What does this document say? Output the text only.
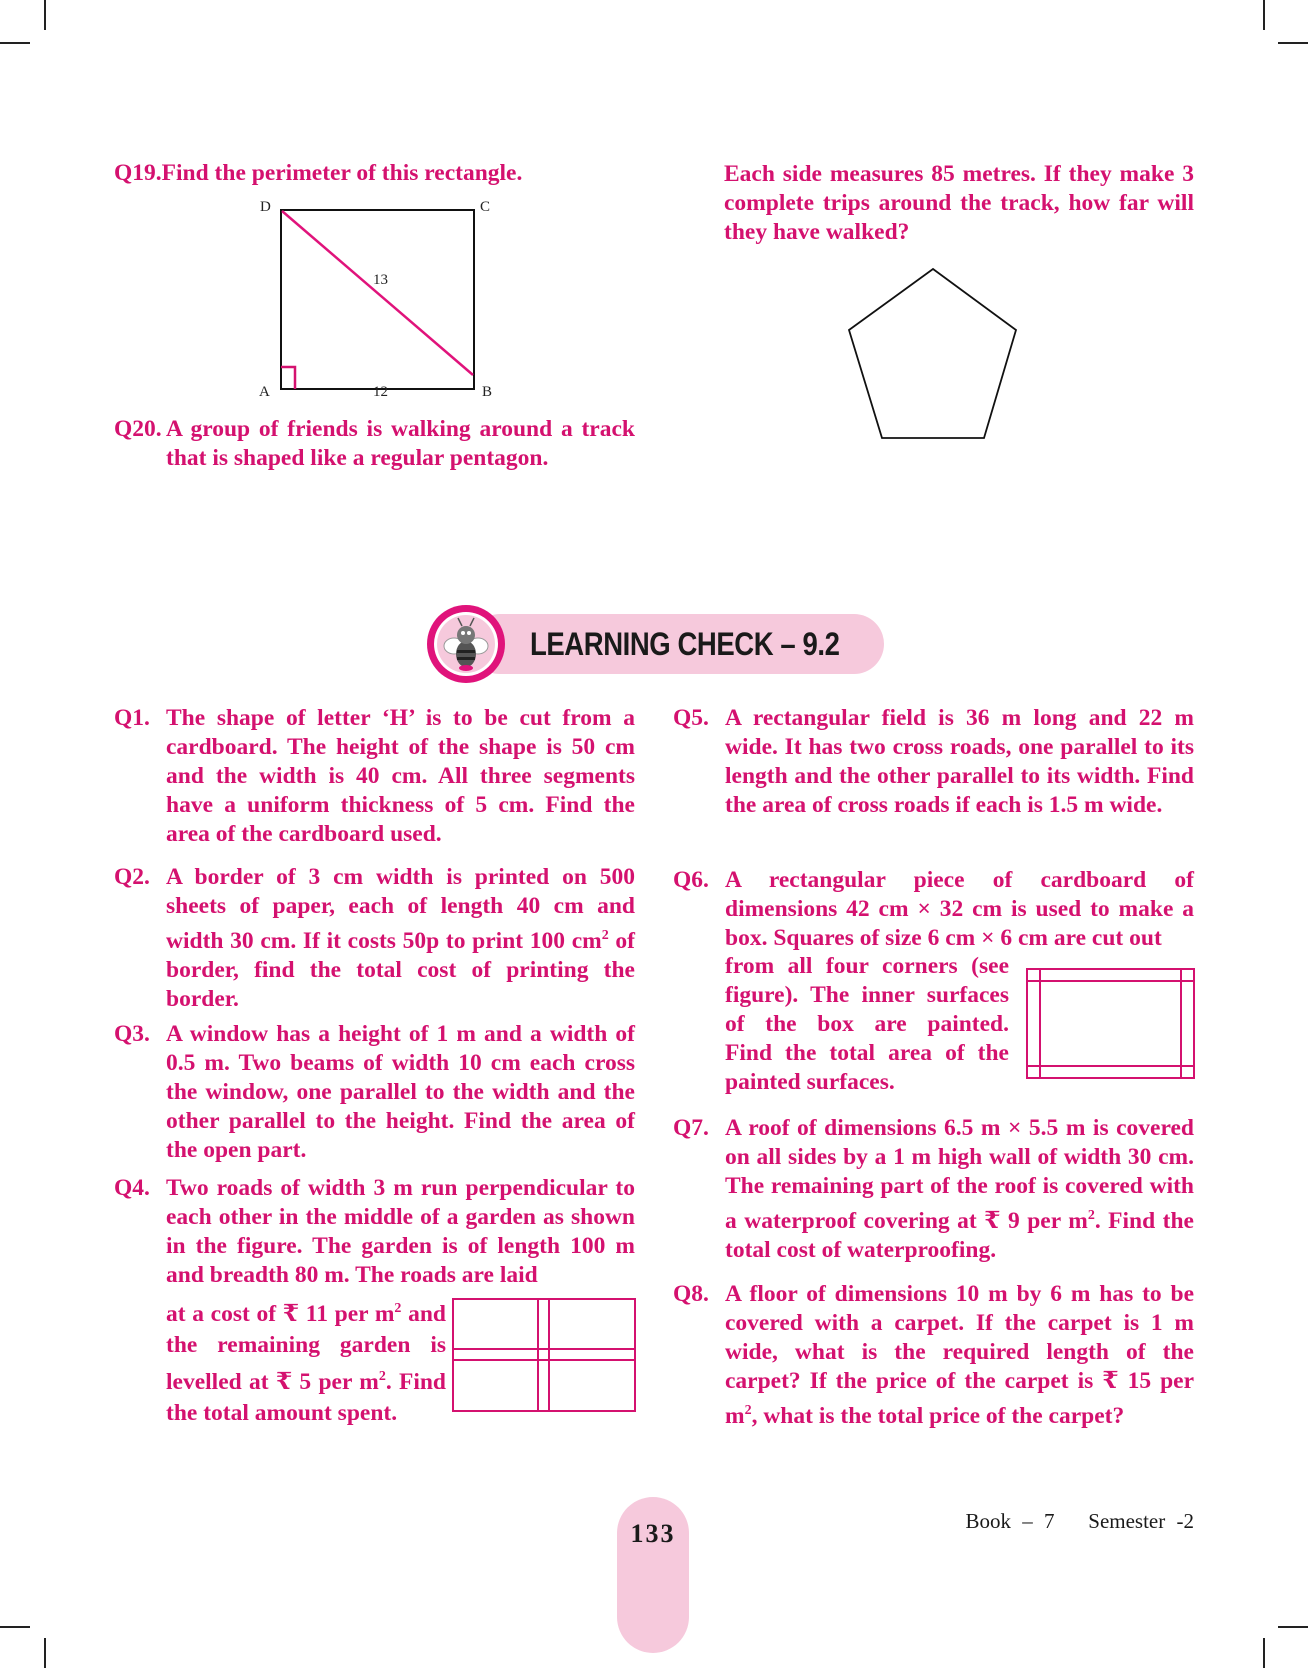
Q19.Find the perimeter of this rectangle.
D	C
A	B
13
12
Q20. A group of friends is walking around a track that is shaped like a regular pentagon.
Each side measures 85 metres. If they make 3 complete trips around the track, how far will they have walked?
LEARNING CHECK – 9.2
Q1. The shape of letter ‘H’ is to be cut from a cardboard. The height of the shape is 50 cm and the width is 40 cm. All three segments have a uniform thickness of 5 cm. Find the area of the cardboard used.
Q2. A border of 3 cm width is printed on 500 sheets of paper, each of length 40 cm and width 30 cm. If it costs 50p to print 100 $cm^2$ of border, find the total cost of printing the border.
Q3. A window has a height of 1 m and a width of 0.5 m. Two beams of width 10 cm each cross the window, one parallel to the width and the other parallel to the height. Find the area of the open part.
Q4. Two roads of width 3 m run perpendicular to each other in the middle of a garden as shown in the figure. The garden is of length 100 m and breadth 80 m. The roads are laid
at a cost of ₹ 11 per $m^2$ and
the remaining garden is
levelled at ₹ 5 per $m^2$. Find
the total amount spent.
Q5. A rectangular field is 36 m long and 22 m wide. It has two cross roads, one parallel to its length and the other parallel to its width. Find the area of cross roads if each is 1.5 m wide.
Q6. A rectangular piece of cardboard of dimensions 42 cm × 32 cm is used to make a box. Squares of size 6 cm × 6 cm are cut out
from all four corners (see
figure). The inner surfaces
of the box are painted.
Find the total area of the
painted surfaces.
Q7. A roof of dimensions 6.5 m × 5.5 m is covered on all sides by a 1 m high wall of width 30 cm. The remaining part of the roof is covered with a waterproof covering at ₹ 9 per $m^2$. Find the total cost of waterproofing.
Q8. A floor of dimensions 10 m by 6 m has to be covered with a carpet. If the carpet is 1 m wide, what is the required length of the carpet? If the price of the carpet is ₹ 15 per $m^2$, what is the total price of the carpet?
133	Book – 7   Semester -2
